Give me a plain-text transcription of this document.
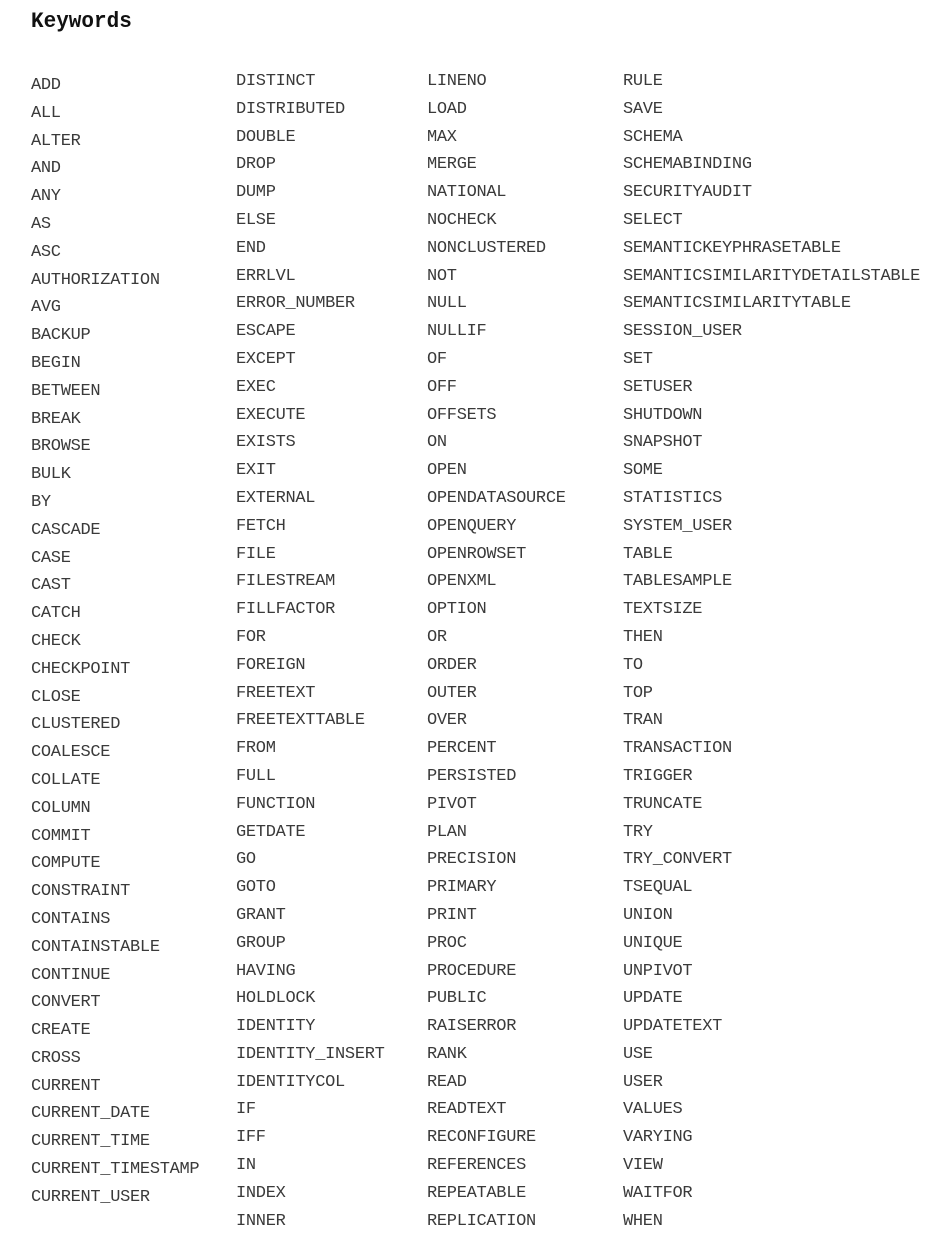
Keywords
ADD
ALL
ALTER
AND
ANY
AS
ASC
AUTHORIZATION
AVG
BACKUP
BEGIN
BETWEEN
BREAK
BROWSE
BULK
BY
CASCADE
CASE
CAST
CATCH
CHECK
CHECKPOINT
CLOSE
CLUSTERED
COALESCE
COLLATE
COLUMN
COMMIT
COMPUTE
CONSTRAINT
CONTAINS
CONTAINSTABLE
CONTINUE
CONVERT
CREATE
CROSS
CURRENT
CURRENT_DATE
CURRENT_TIME
CURRENT_TIMESTAMP
CURRENT_USER
DISTINCT
DISTRIBUTED
DOUBLE
DROP
DUMP
ELSE
END
ERRLVL
ERROR_NUMBER
ESCAPE
EXCEPT
EXEC
EXECUTE
EXISTS
EXIT
EXTERNAL
FETCH
FILE
FILESTREAM
FILLFACTOR
FOR
FOREIGN
FREETEXT
FREETEXTTABLE
FROM
FULL
FUNCTION
GETDATE
GO
GOTO
GRANT
GROUP
HAVING
HOLDLOCK
IDENTITY
IDENTITY_INSERT
IDENTITYCOL
IF
IFF
IN
INDEX
INNER
LINENO
LOAD
MAX
MERGE
NATIONAL
NOCHECK
NONCLUSTERED
NOT
NULL
NULLIF
OF
OFF
OFFSETS
ON
OPEN
OPENDATASOURCE
OPENQUERY
OPENROWSET
OPENXML
OPTION
OR
ORDER
OUTER
OVER
PERCENT
PERSISTED
PIVOT
PLAN
PRECISION
PRIMARY
PRINT
PROC
PROCEDURE
PUBLIC
RAISERROR
RANK
READ
READTEXT
RECONFIGURE
REFERENCES
REPEATABLE
REPLICATION
RULE
SAVE
SCHEMA
SCHEMABINDING
SECURITYAUDIT
SELECT
SEMANTICKEYPHRASETABLE
SEMANTICSIMILARITYDETAILSTABLE
SEMANTICSIMILARITYTABLE
SESSION_USER
SET
SETUSER
SHUTDOWN
SNAPSHOT
SOME
STATISTICS
SYSTEM_USER
TABLE
TABLESAMPLE
TEXTSIZE
THEN
TO
TOP
TRAN
TRANSACTION
TRIGGER
TRUNCATE
TRY
TRY_CONVERT
TSEQUAL
UNION
UNIQUE
UNPIVOT
UPDATE
UPDATETEXT
USE
USER
VALUES
VARYING
VIEW
WAITFOR
WHEN
